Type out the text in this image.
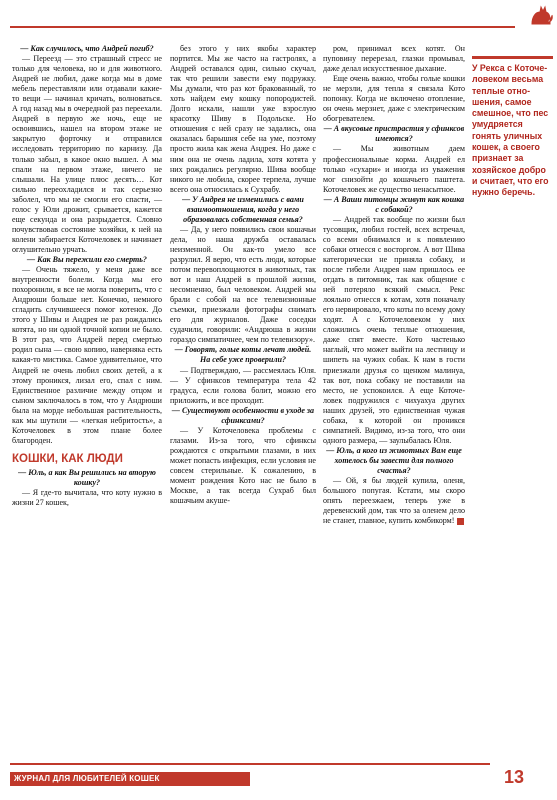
— Как случилось, что Андрей погиб?

— Переезд — это страшный стресс не только для человека, но и для животного. Андрей не любил, даже когда мы в доме мебель переставляли или отдавали какие-то вещи — начинал кричать, волноваться. А год назад мы в очередной раз переехали. Андрей в первую же ночь, еще не освоившись, нашел на втором этаже не закрытую форточку и отправился исследовать территорию по карнизу. Да только забыл, в какое окно вышел. А мы спали на первом этаже, ничего не слышали. На улице плюс десять… Кот сильно переохладился и так серьезно заболел, что мы не смогли его спасти, — голос у Юли дрожит, срывается, кажется еще секунда и она разрыдается. Словно почувствовав состояние хозяйки, к ней на колени забирается Коточеловек и начинает оглушительно урчать.

— Как Вы пережили его смерть?

— Очень тяжело, у меня даже все внутренности болели. Когда мы его похоронили, я все не могла поверить, что с Андрюши больше нет. Конечно, немного сгладить случившееся помог котенок. До этого у Шивы и Андрея не раз рождались котята, но ни одной точной копии не было. В этот раз, что Андрей перед смертью родил сына — свою копию, наверняка есть какая-то мистика. Самое удивительное, что Андрей не очень любил своих детей, а к этому проникся, лизал его, спал с ним. Единственное различие между отцом и сыном заключалось в том, что у Андрюши была на морде небольшая растительность, как мы шутили — «легкая небритость», а Коточеловек в этом плане более благороден.

КОШКИ, КАК ЛЮДИ

— Юль, а как Вы решились на вторую кошку?

— Я где-то вычитала, что коту нужно в жизни 27 кошек,

без этого у них якобы характер портится. Мы же часто на гастролях, а Андрей оставался один, сильно скучал, так что решили завести ему подружку. Мы думали, что раз кот бракованный, то хоть найдем ему кошку попородистей. Долго искали, нашли уже взрослую красотку Шиву в Подольске. Но отношения с ней сразу не задались, она оказалась барышня себе на уме, поэтому просто жила как жена Андрея. Но даже с ним она не очень ладила, хотя котята у них рождались регулярно. Шива вообще никого не любила, скорее терпела, лучше всего она относилась к Сухрабу.

— У Андрея не изменились с вами взаимоотношения, когда у него образовалась собственная семья?

— Да, у него появились свои кошачьи дела, но наша дружба оставалась неизменной. Он как-то умело все разрулил. Я верю, что есть люди, которые потом перевоплощаются в животных, так вот и наш Андрей в прошлой жизни, несомненно, был человеком. Андрей мы брали с собой на все телевизионные съемки, приезжали фотографы снимать его для журналов. Даже соседки судачили, говорили: «Андрюша в жизни гораздо симпатичнее, чем по телевизору».

— Говорят, голые коты лечат людей. На себе уже проверили?

— Подтверждаю, — рассмеялась Юля. — У сфинксов температура тела 42 градуса, если голова болит, можно его приложить, и все проходит.

— Существуют особенности в уходе за сфинксами?

— У Коточеловека проблемы с глазами. Из-за того, что сфинксы рождаются с открытыми глазами, в них может попасть инфекция, если условия не совсем стерильные. К сожалению, в момент рождения Кото нас не было в Москве, а так всегда Сухраб был кошачьим акуше-

ром, принимал всех котят. Он пуповину перерезал, глазки промывал, даже делал искусственное дыхание.

Еще очень важно, чтобы голые кошки не мерзли, для тепла я связала Кото попонку. Когда не включено отопление, он очень мерзнет, даже с электрическим обогревателем.

— А вкусовые пристрастия у сфинксов имеются?

— Мы животным даем профессиональные корма. Андрей ел только «сухари» и иногда из уважения мог снизойти до кошачьего паштета. Коточеловек же существо ненасытное.

— А Ваши питомцы живут как кошка с собакой?

— Андрей так вообще по жизни был тусовщик, любил гостей, всех встречал, со всеми обнимался и к появлению собаки отнесся с восторгом. А вот Шива категорически не приняла собаку, и после гибели Андрея нам пришлось ее отдать в питомник, так как общение с ней потеряло всякий смысл. Рекс лояльно отнесся к котам, хотя поначалу его нервировало, что коты по всему дому ходят. А с Коточеловеком у них сложились очень теплые отношения, даже спят вместе. Кото частенько наглый, что может выйти на лестницу и шипеть на чужих собак. К нам в гости приезжали друзья со щенком малинуа, так вот, пока собаку не поставили на место, не успокоился. А еще Коточеловек подружился с чихуахуа других наших друзей, это единственная чужая собака, к которой он проникся симпатией. Видимо, из-за того, что они одного размера, — заулыбалась Юля.

— Юль, а кого из животных Вам еще хотелось бы завести для полного счастья?

— Ой, я бы людей купила, оленя, большого попугая. Кстати, мы скоро опять переезжаем, теперь уже в деревенский дом, так что за оленем дело не станет, главное, купить комбикорм!

У Рекса с Коточеловеком весьма теплые отношения, самое смешное, что пес умудряется гонять уличных кошек, а своего признает за хозяйское добро и считает, что его нужно беречь.
ЖУРНАЛ ДЛЯ ЛЮБИТЕЛЕЙ КОШЕК	13
